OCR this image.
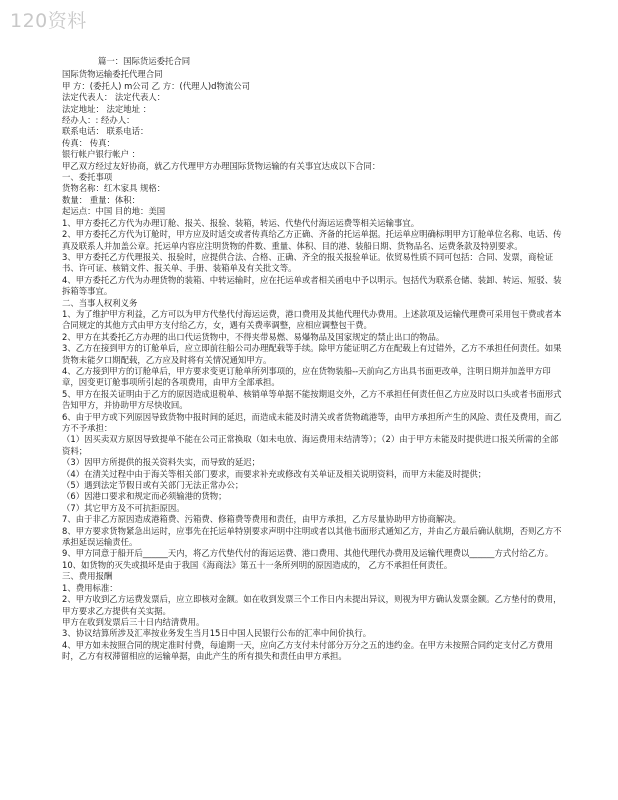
120资料
篇一：国际货运委托合同
国际货物运输委托代理合同
甲 方：(委托人) m公司 乙 方：(代理人)d物流公司
法定代表人： 法定代表人：
法定地址： 法定地址 ：
经办人：: 经办人：
联系电话： 联系电话：
传真： 传真：
银行帐户银行帐户 ：
甲乙双方经过友好协商，就乙方代理甲方办理国际货物运输的有关事宜达成以下合同：
一、委托事项
货物名称：红木家具 规格：
数量： 重量：体积：
起运点：中国 目的地：美国
1、甲方委托乙方代为办理订舱、报关、报验、装箱，转运、代垫代付海运运费等相关运输事宜。
2、甲方委托乙方代为订舱时，甲方应及时适交或者传真给乙方正确、齐备的托运单据。托运单应明确标明甲方订舱单位名称、电话、传真及联系人并加盖公章。托运单内容应注明货物的件数、重量、体积、目的港、装船日期、货物品名、运费条款及特别要求。
3、甲方委托乙方代理报关、报验时，应提供合法、合格、正确、齐全的报关报验单证。依贸易性质不同可包括：合同、发票，商检证书、许可证、核销文件、报关单、手册、装箱单及有关批文等。
4、甲方委托乙方代为办理货物的装箱、中转运输时，应在托运单或者相关函电中予以明示。包括代为联系仓储、装卸、转运、短驳、装拆箱等事宜。
二、当事人权利义务
1、为了维护甲方利益，乙方可以为甲方代垫代付海运运费，港口费用及其他代理代办费用。上述款项及运输代理费可采用包干费或者本合同规定的其他方式由甲方支付给乙方，女，遇有关费率调整，应相应调整包干费。
2、甲方在其委托乙方办理的出口代运货物中，不得夹带易燃、易爆物品及国家规定的禁止出口的物品。
3、乙方在接到甲方的订舱单后，应立即前往船公司办理配载等手续。除甲方能证明乙方在配载上有过错外，乙方不承担任何责任。如果货物未能夕口期配载，乙方应及时将有关情况通知甲方。
4、乙方接到甲方的订舱单后，甲方要求变更订舱单所列事项的，应在货物装船--天前向乙方出具书面更改单，注明日期并加盖甲方印章，因变更订舱事项所引起的各项费用，由甲方全部承担。
5、甲方在报关证明由于乙方的原因造成退税单、核销单等单据不能按期退交外，乙方不承担任何责任但乙方应及时以口头或者书面形式告知甲方，并协助甲方尽快收回。
6、由于甲方或下列原因导致货物中报时间的延迟，而造成未能及时清关或者货物疏港等，由甲方承担所产生的风险、责任及费用，而乙方不予承担：
（1）因买卖双方原因导致提单不能在公司正常换取（如未电放、海运费用未结清等）；（2）由于甲方未能及时提供进口报关所需的全部资料；
（3）因甲方所提供的报关资料失实，而导致的延迟；
（4）在清关过程中由于海关等相关部门要求，而要求补充或修改有关单证及相关说明资料，而甲方未能及时提供；
（5）遇到法定节假日或有关部门无法正常办公；
（6）因港口要求和规定而必须输港的货物；
（7）其它甲方及不可抗拒原因。
7、由于非乙方原因造成港箱费、污箱费、修箱费等费用和责任，由甲方承担，乙方尽量协助甲方协商解决。
8、甲方要求货物紧急出运时，应事先在托运单特别要求声明中注明或者以其他书面形式通知乙方，并由乙方最后确认航期，否则乙方不承担延误运输责任。
9、甲方同意于船开后______天内，将乙方代垫代付的海运运费、港口费用、其他代理代办费用及运输代理费以______方式付给乙方。
10、如货物的灭失或损坏是由于我国《海商法》第五十一条所列明的原因造成的， 乙方不承担任何责任。
三、费用报酬
1、费用标准：
2、甲方收到乙方运费发票后，应立即核对金额。如在收到发票三个工作日内未提出异议，则视为甲方确认发票金额。乙方垫付的费用，甲方要求乙方提供有关实据。
甲方在收到发票后三十日内结清费用。
3、协议结算所涉及汇率按业务发生当月15日中国人民银行公布的汇率中间价执行。
4、甲方如未按照合同的规定准时付费，每逾期一天，应向乙方支付未付部分万分之五的违约金。在甲方未按照合同约定支付乙方费用时，乙方有权滞留相应的运输单据，由此产生的所有损失和责任由甲方承担。
